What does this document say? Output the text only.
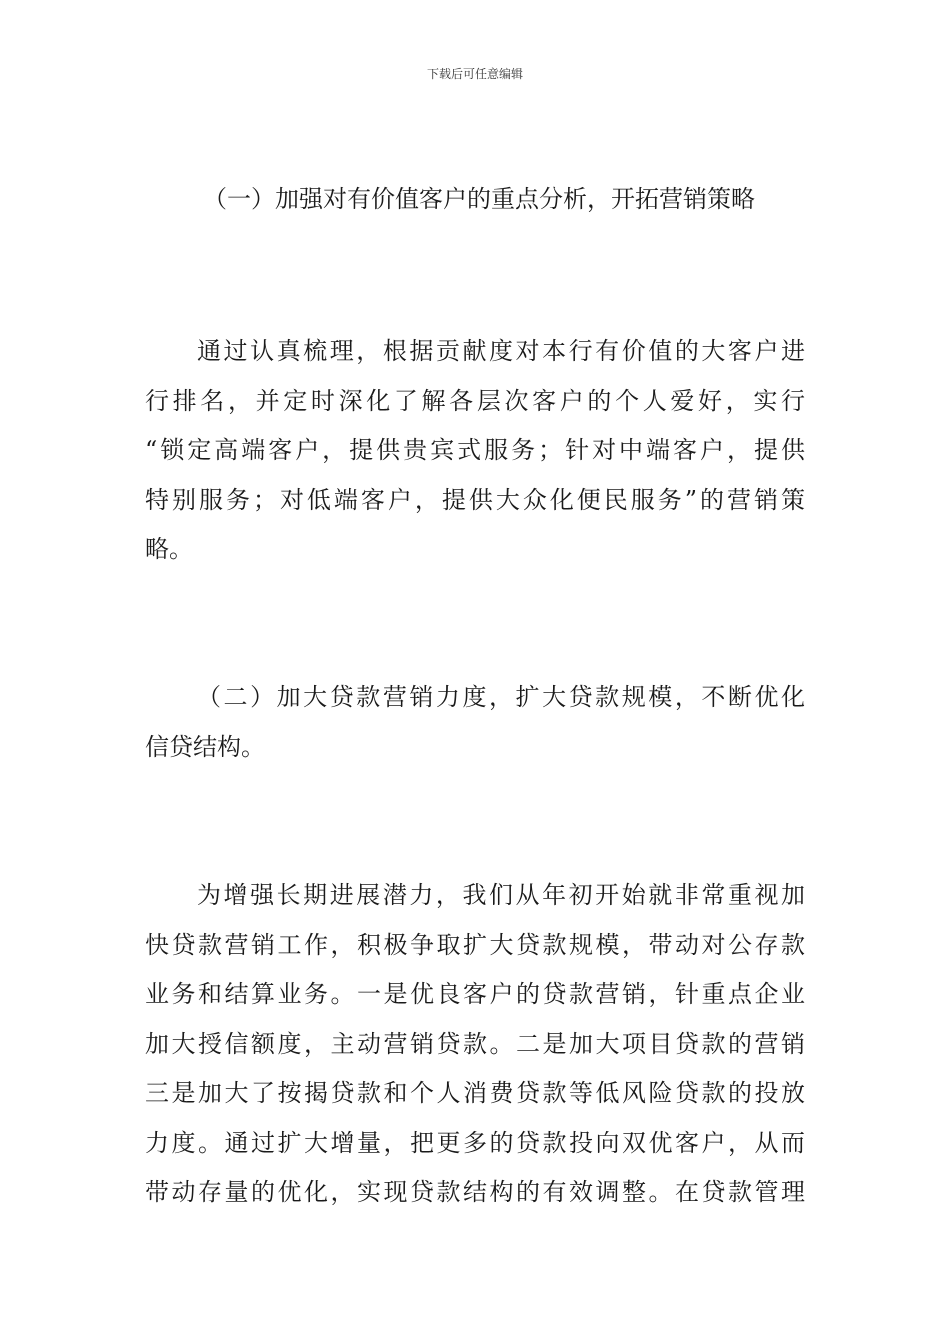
下载后可任意编辑
（一）加强对有价值客户的重点分析，开拓营销策略
通过认真梳理，根据贡献度对本行有价值的大客户进
行排名，并定时深化了解各层次客户的个人爱好，实行
“锁定高端客户，提供贵宾式服务；针对中端客户，提供
特别服务；对低端客户，提供大众化便民服务”的营销策
略。
（二）加大贷款营销力度，扩大贷款规模，不断优化
信贷结构。
为增强长期进展潜力，我们从年初开始就非常重视加
快贷款营销工作，积极争取扩大贷款规模，带动对公存款
业务和结算业务。一是优良客户的贷款营销，针重点企业
加大授信额度，主动营销贷款。二是加大项目贷款的营销
三是加大了按揭贷款和个人消费贷款等低风险贷款的投放
力度。通过扩大增量，把更多的贷款投向双优客户，从而
带动存量的优化，实现贷款结构的有效调整。在贷款管理
